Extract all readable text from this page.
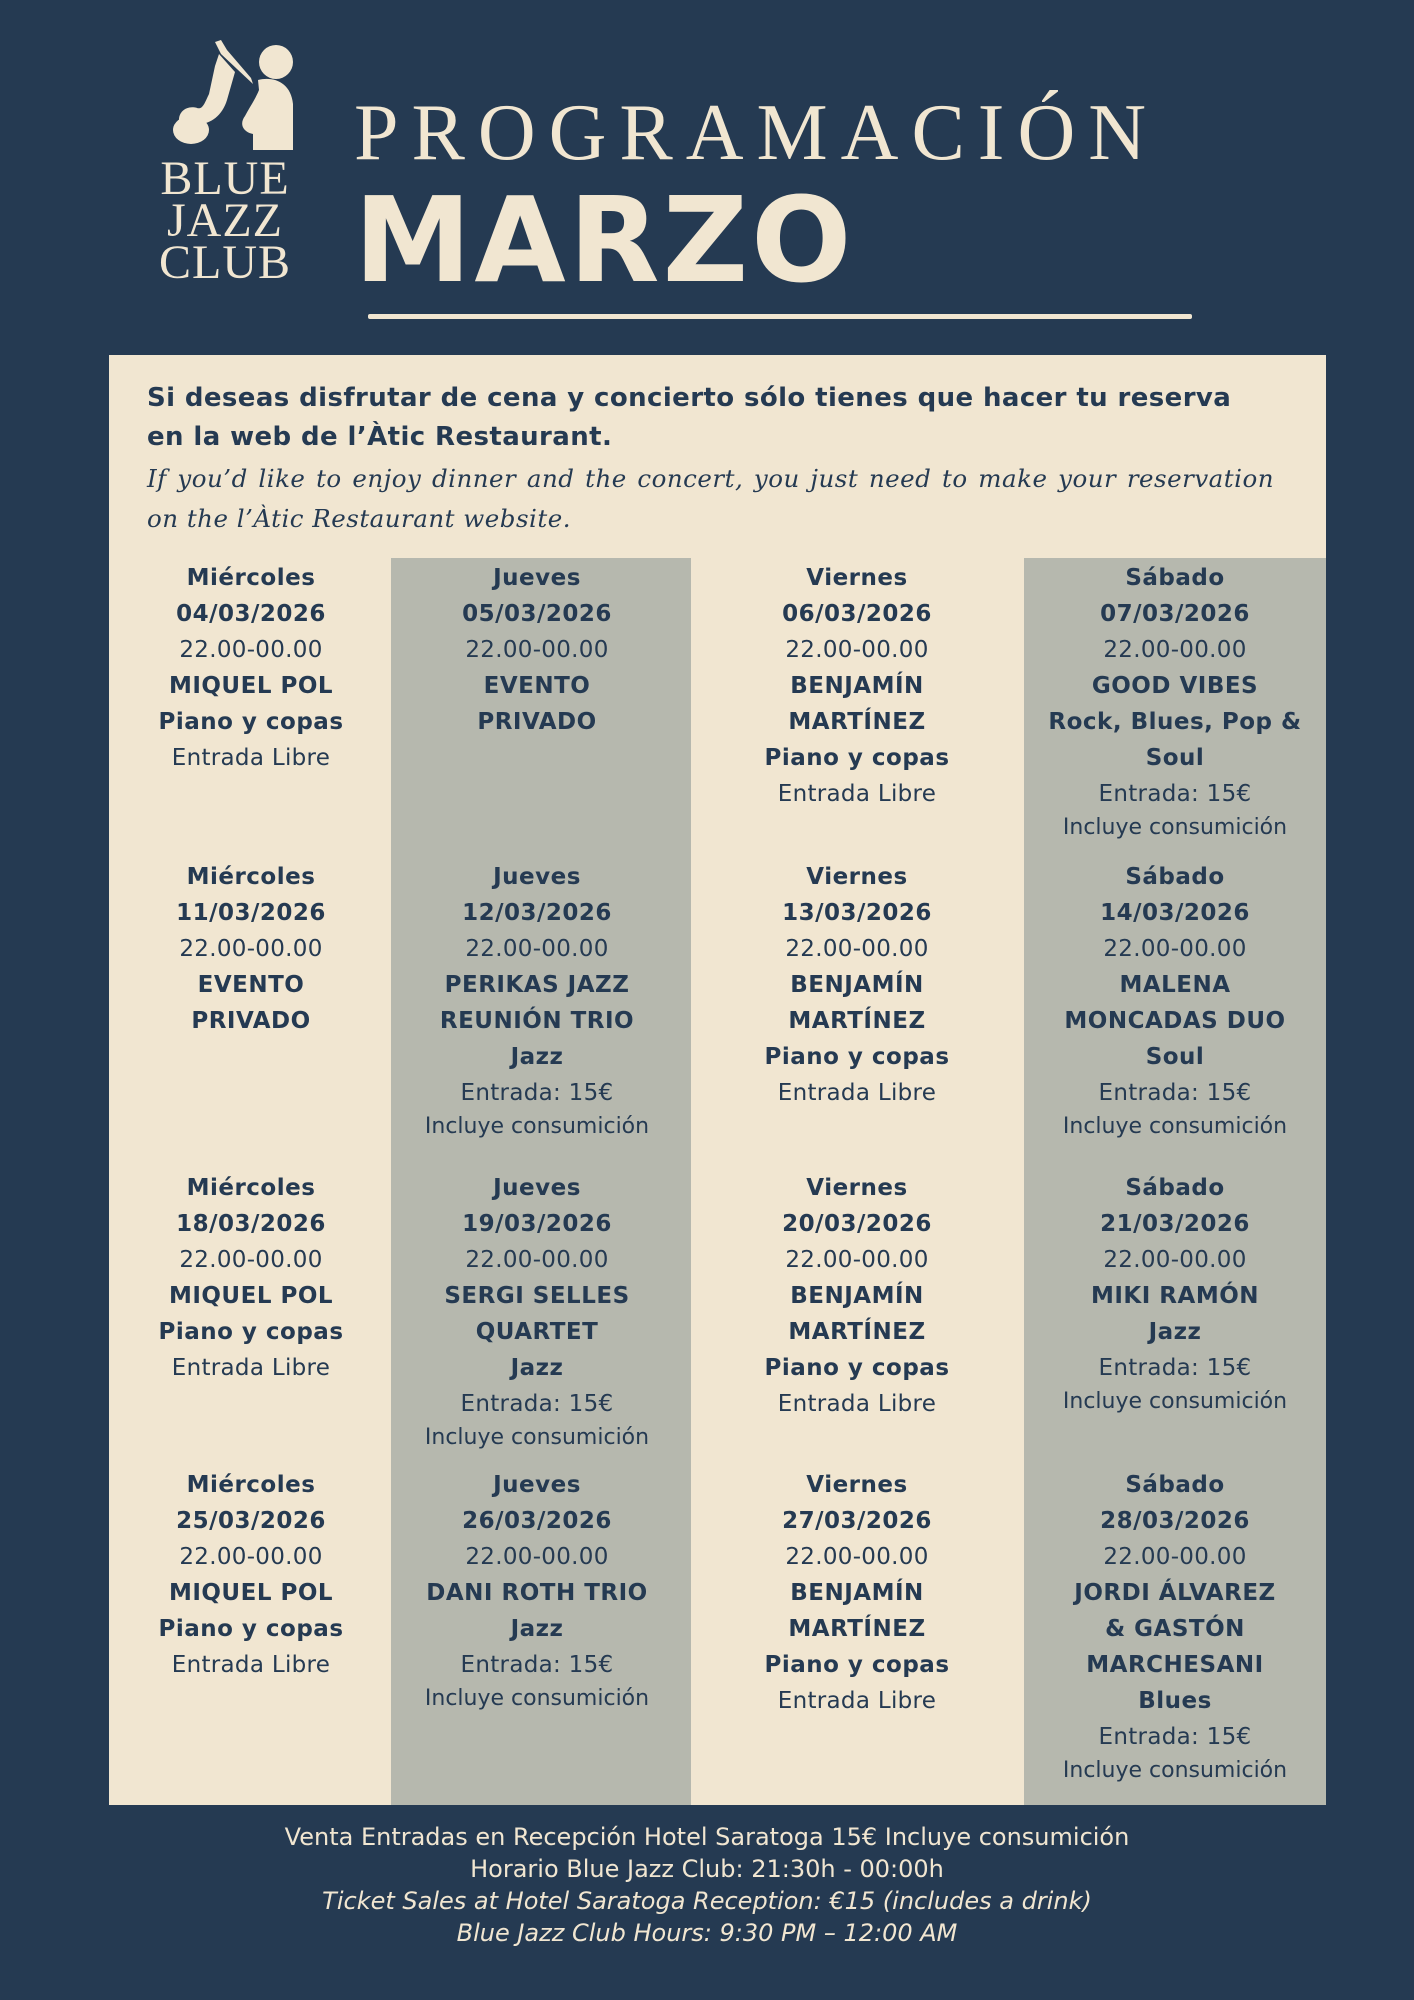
BLUE
JAZZ
CLUB
PROGRAMACIÓN
MARZO
Si deseas disfrutar de cena y concierto sólo tienes que hacer tu reserva en la web de l’Àtic Restaurant.
If you’d like to enjoy dinner and the concert, you just need to make your reservation on the l’Àtic Restaurant website.
Miércoles
04/03/2026
22.00-00.00
MIQUEL POL
Piano y copas
Entrada Libre
Jueves
05/03/2026
22.00-00.00
EVENTO
PRIVADO
Viernes
06/03/2026
22.00-00.00
BENJAMÍN
MARTÍNEZ
Piano y copas
Entrada Libre
Sábado
07/03/2026
22.00-00.00
GOOD VIBES
Rock, Blues, Pop & Soul
Entrada: 15€
Incluye consumición
Miércoles
11/03/2026
22.00-00.00
EVENTO
PRIVADO
Jueves
12/03/2026
22.00-00.00
PERIKAS JAZZ
REUNIÓN TRIO
Jazz
Entrada: 15€
Incluye consumición
Viernes
13/03/2026
22.00-00.00
BENJAMÍN
MARTÍNEZ
Piano y copas
Entrada Libre
Sábado
14/03/2026
22.00-00.00
MALENA
MONCADAS DUO
Soul
Entrada: 15€
Incluye consumición
Miércoles
18/03/2026
22.00-00.00
MIQUEL POL
Piano y copas
Entrada Libre
Jueves
19/03/2026
22.00-00.00
SERGI SELLES
QUARTET
Jazz
Entrada: 15€
Incluye consumición
Viernes
20/03/2026
22.00-00.00
BENJAMÍN
MARTÍNEZ
Piano y copas
Entrada Libre
Sábado
21/03/2026
22.00-00.00
MIKI RAMÓN
Jazz
Entrada: 15€
Incluye consumición
Miércoles
25/03/2026
22.00-00.00
MIQUEL POL
Piano y copas
Entrada Libre
Jueves
26/03/2026
22.00-00.00
DANI ROTH TRIO
Jazz
Entrada: 15€
Incluye consumición
Viernes
27/03/2026
22.00-00.00
BENJAMÍN
MARTÍNEZ
Piano y copas
Entrada Libre
Sábado
28/03/2026
22.00-00.00
JORDI ÁLVAREZ
& GASTÓN
MARCHESANI
Blues
Entrada: 15€
Incluye consumición
Venta Entradas en Recepción Hotel Saratoga 15€ Incluye consumición
Horario Blue Jazz Club: 21:30h - 00:00h
Ticket Sales at Hotel Saratoga Reception: €15 (includes a drink)
Blue Jazz Club Hours: 9:30 PM – 12:00 AM
